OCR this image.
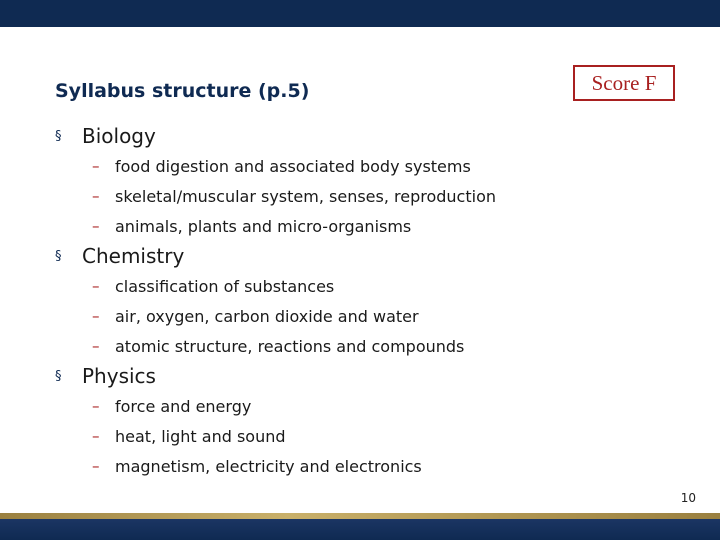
Syllabus structure (p.5)	Score F
§	Biology
– food digestion and associated body systems
– skeletal/muscular system, senses, reproduction
– animals, plants and micro-organisms
§	Chemistry
– classification of substances
– air, oxygen, carbon dioxide and water
– atomic structure, reactions and compounds
§	Physics
– force and energy
– heat, light and sound
– magnetism, electricity and electronics
10
